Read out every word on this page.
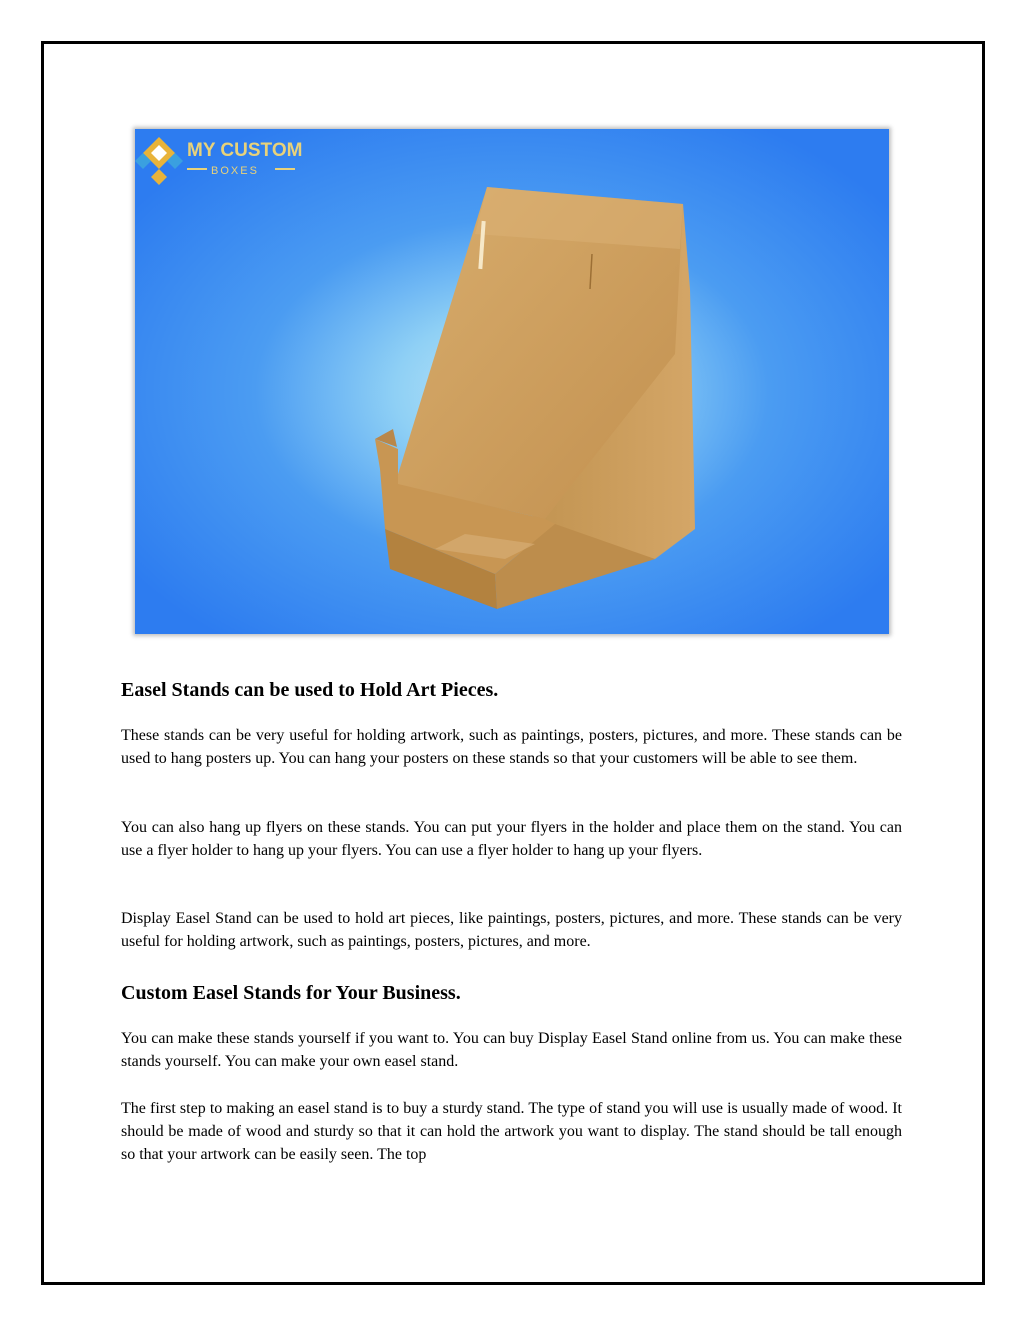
MY CUSTOM
BOXES
Easel Stands can be used to Hold Art Pieces.

These stands can be very useful for holding artwork, such as paintings, posters, pictures, and more. These stands can be used to hang posters up. You can hang your posters on these stands so that your customers will be able to see them.

You can also hang up flyers on these stands. You can put your flyers in the holder and place them on the stand. You can use a flyer holder to hang up your flyers. You can use a flyer holder to hang up your flyers.

Display Easel Stand can be used to hold art pieces, like paintings, posters, pictures, and more. These stands can be very useful for holding artwork, such as paintings, posters, pictures, and more.

Custom Easel Stands for Your Business.

You can make these stands yourself if you want to. You can buy Display Easel Stand online from us. You can make these stands yourself. You can make your own easel stand.

The first step to making an easel stand is to buy a sturdy stand. The type of stand you will use is usually made of wood. It should be made of wood and sturdy so that it can hold the artwork you want to display. The stand should be tall enough so that your artwork can be easily seen. The top
